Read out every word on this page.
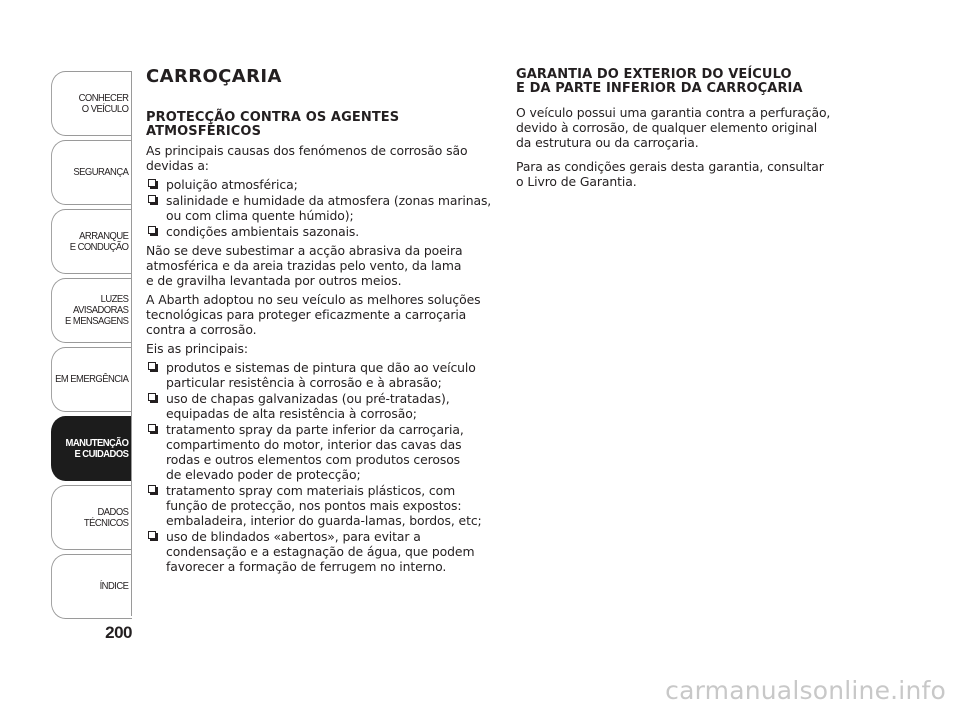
CONHECER
O VEÍCULO
SEGURANÇA
ARRANQUE
E CONDUÇÃO
LUZES
AVISADORAS
E MENSAGENS
EM EMERGÊNCIA
MANUTENÇÃO
E CUIDADOS
DADOS
TÉCNICOS
ÍNDICE
200
CARROÇARIA
PROTECÇÃO CONTRA OS AGENTES
ATMOSFÉRICOS
As principais causas dos fenómenos de corrosão são
devidas a:
poluição atmosférica;
salinidade e humidade da atmosfera (zonas marinas,
ou com clima quente húmido);
condições ambientais sazonais.
Não se deve subestimar a acção abrasiva da poeira
atmosférica e da areia trazidas pelo vento, da lama
e de gravilha levantada por outros meios.
A Abarth adoptou no seu veículo as melhores soluções
tecnológicas para proteger eficazmente a carroçaria
contra a corrosão.
Eis as principais:
produtos e sistemas de pintura que dão ao veículo
particular resistência à corrosão e à abrasão;
uso de chapas galvanizadas (ou pré-tratadas),
equipadas de alta resistência à corrosão;
tratamento spray da parte inferior da carroçaria,
compartimento do motor, interior das cavas das
rodas e outros elementos com produtos cerosos
de elevado poder de protecção;
tratamento spray com materiais plásticos, com
função de protecção, nos pontos mais expostos:
embaladeira, interior do guarda-lamas, bordos, etc;
uso de blindados «abertos», para evitar a
condensação e a estagnação de água, que podem
favorecer a formação de ferrugem no interno.
GARANTIA DO EXTERIOR DO VEÍCULO
E DA PARTE INFERIOR DA CARROÇARIA
O veículo possui uma garantia contra a perfuração,
devido à corrosão, de qualquer elemento original
da estrutura ou da carroçaria.
Para as condições gerais desta garantia, consultar
o Livro de Garantia.
carmanualsonline.info
